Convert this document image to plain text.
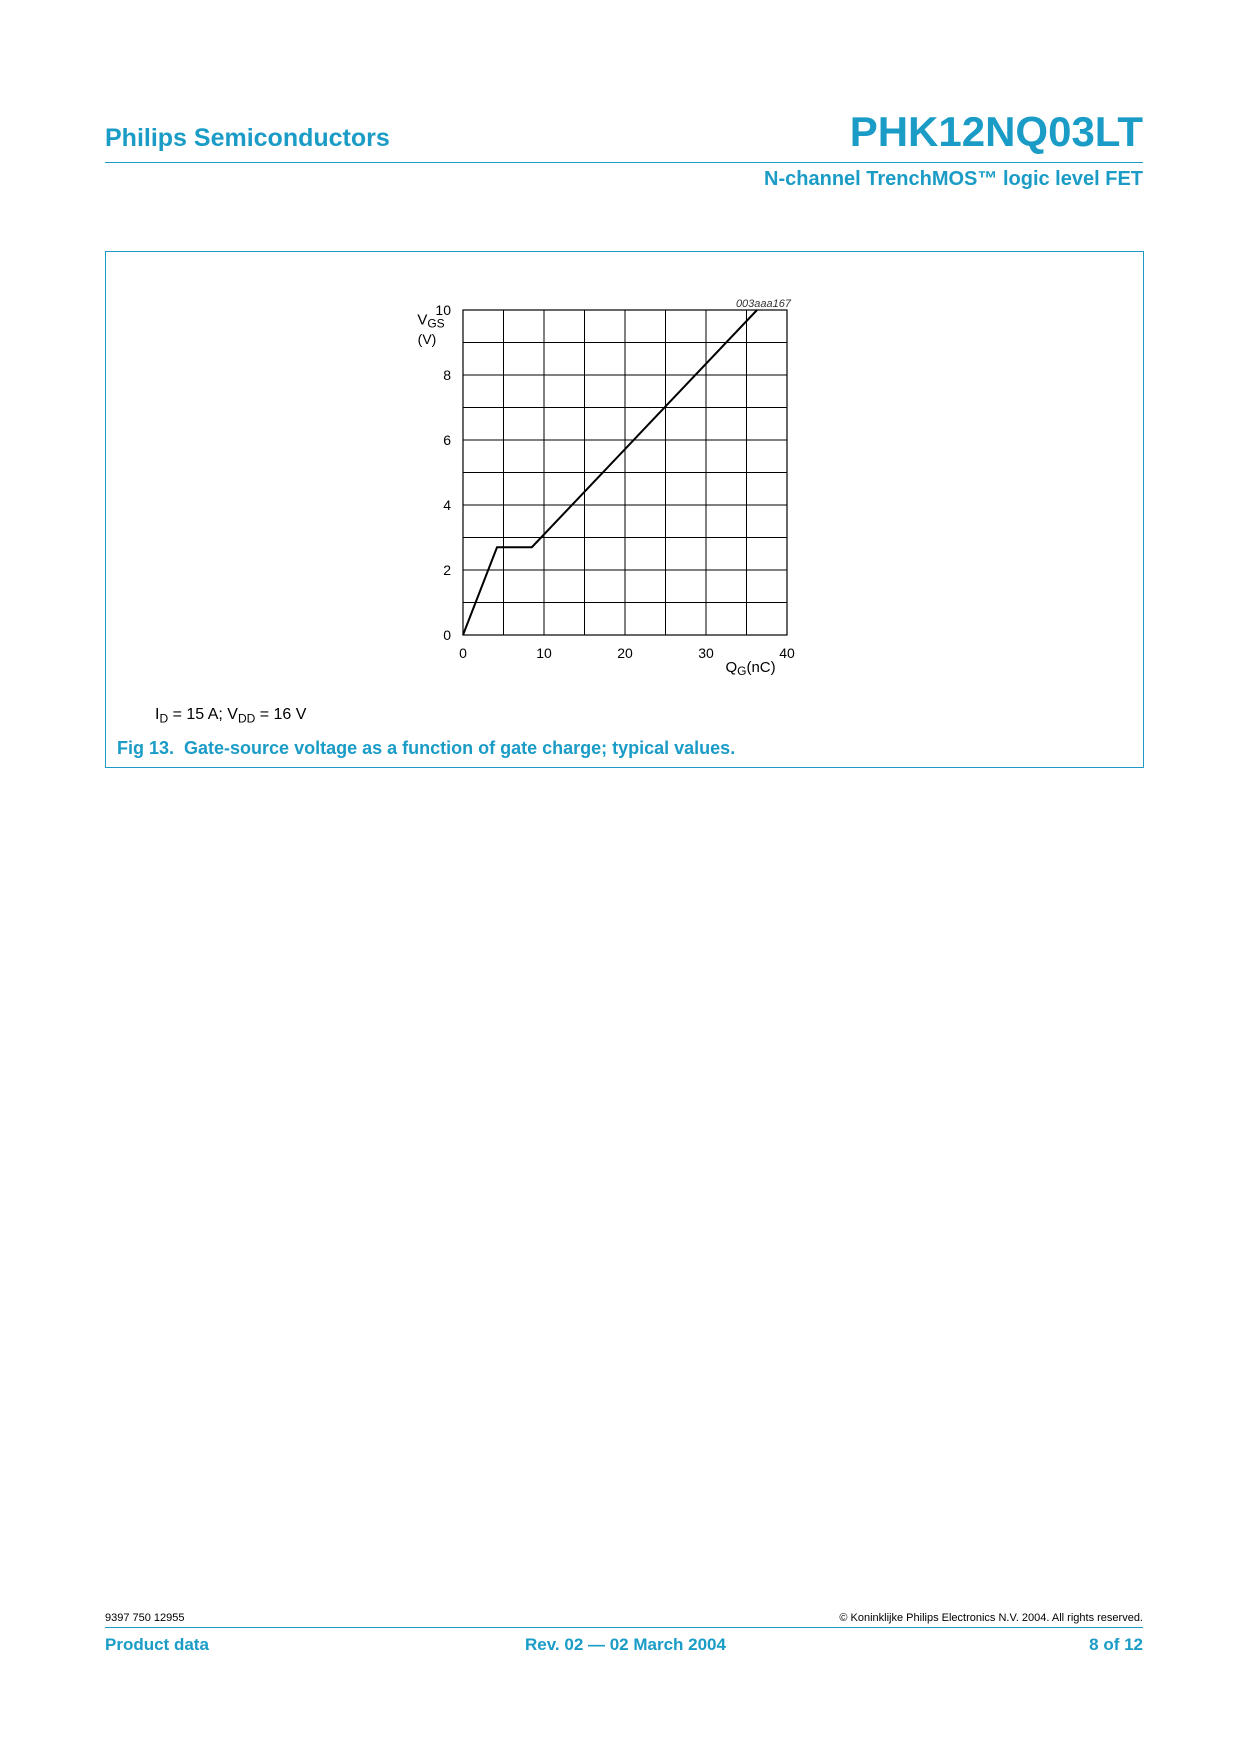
Philips Semiconductors	PHK12NQ03LT
N-channel TrenchMOS™ logic level FET
0
2
4
6
8
10
0	10	20	30	40
$V_{GS}$
(V)
$Q_G(nC)$
003aaa167
$I_D = 15$ A; $V_{DD} = 16$ V
Fig 13. Gate-source voltage as a function of gate charge; typical values.
9397 750 12955	© Koninklijke Philips Electronics N.V. 2004. All rights reserved.
Product data	Rev. 02 — 02 March 2004	8 of 12
